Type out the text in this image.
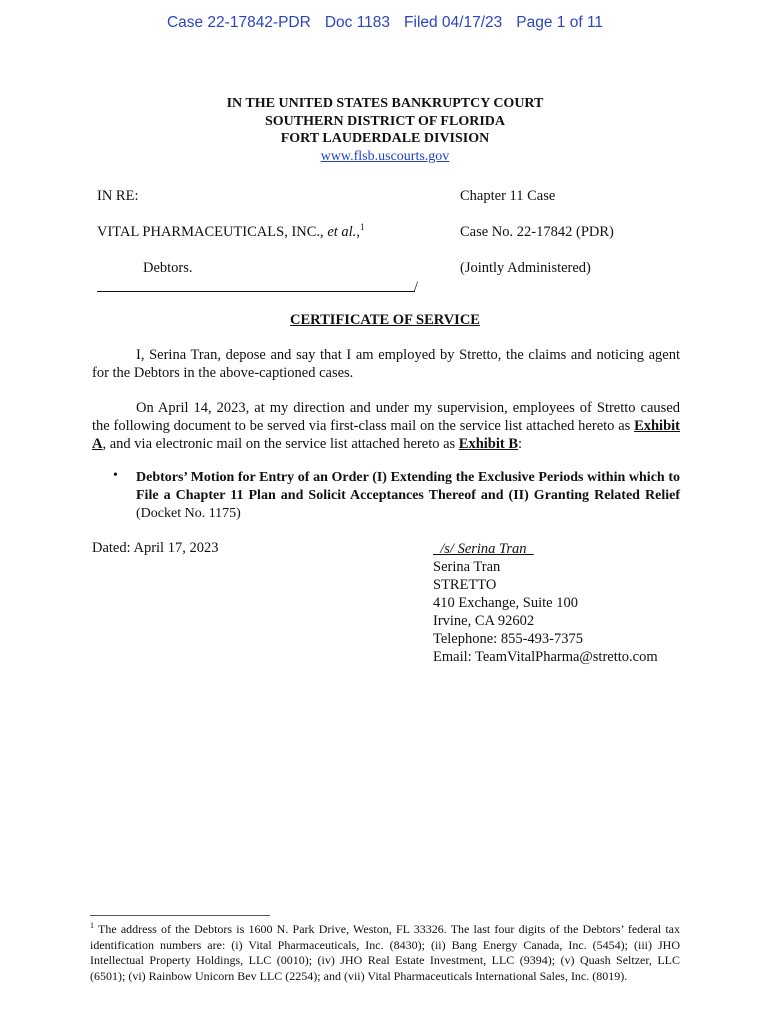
Case 22-17842-PDR Doc 1183 Filed 04/17/23 Page 1 of 11
IN THE UNITED STATES BANKRUPTCY COURT
SOUTHERN DISTRICT OF FLORIDA
FORT LAUDERDALE DIVISION
www.flsb.uscourts.gov
IN RE:
VITAL PHARMACEUTICALS, INC., et al.,$^1$
Debtors.
/
Chapter 11 Case
Case No. 22-17842 (PDR)
(Jointly Administered)
CERTIFICATE OF SERVICE
I, Serina Tran, depose and say that I am employed by Stretto, the claims and noticing agent for the Debtors in the above-captioned cases.
On April 14, 2023, at my direction and under my supervision, employees of Stretto caused the following document to be served via first-class mail on the service list attached hereto as Exhibit A, and via electronic mail on the service list attached hereto as Exhibit B:
• Debtors’ Motion for Entry of an Order (I) Extending the Exclusive Periods within which to File a Chapter 11 Plan and Solicit Acceptances Thereof and (II) Granting Related Relief (Docket No. 1175)
Dated: April 17, 2023	/s/ Serina Tran
Serina Tran
STRETTO
410 Exchange, Suite 100
Irvine, CA 92602
Telephone: 855-493-7375
Email: TeamVitalPharma@stretto.com
$^1$ The address of the Debtors is 1600 N. Park Drive, Weston, FL 33326. The last four digits of the Debtors’ federal tax identification numbers are: (i) Vital Pharmaceuticals, Inc. (8430); (ii) Bang Energy Canada, Inc. (5454); (iii) JHO Intellectual Property Holdings, LLC (0010); (iv) JHO Real Estate Investment, LLC (9394); (v) Quash Seltzer, LLC (6501); (vi) Rainbow Unicorn Bev LLC (2254); and (vii) Vital Pharmaceuticals International Sales, Inc. (8019).
